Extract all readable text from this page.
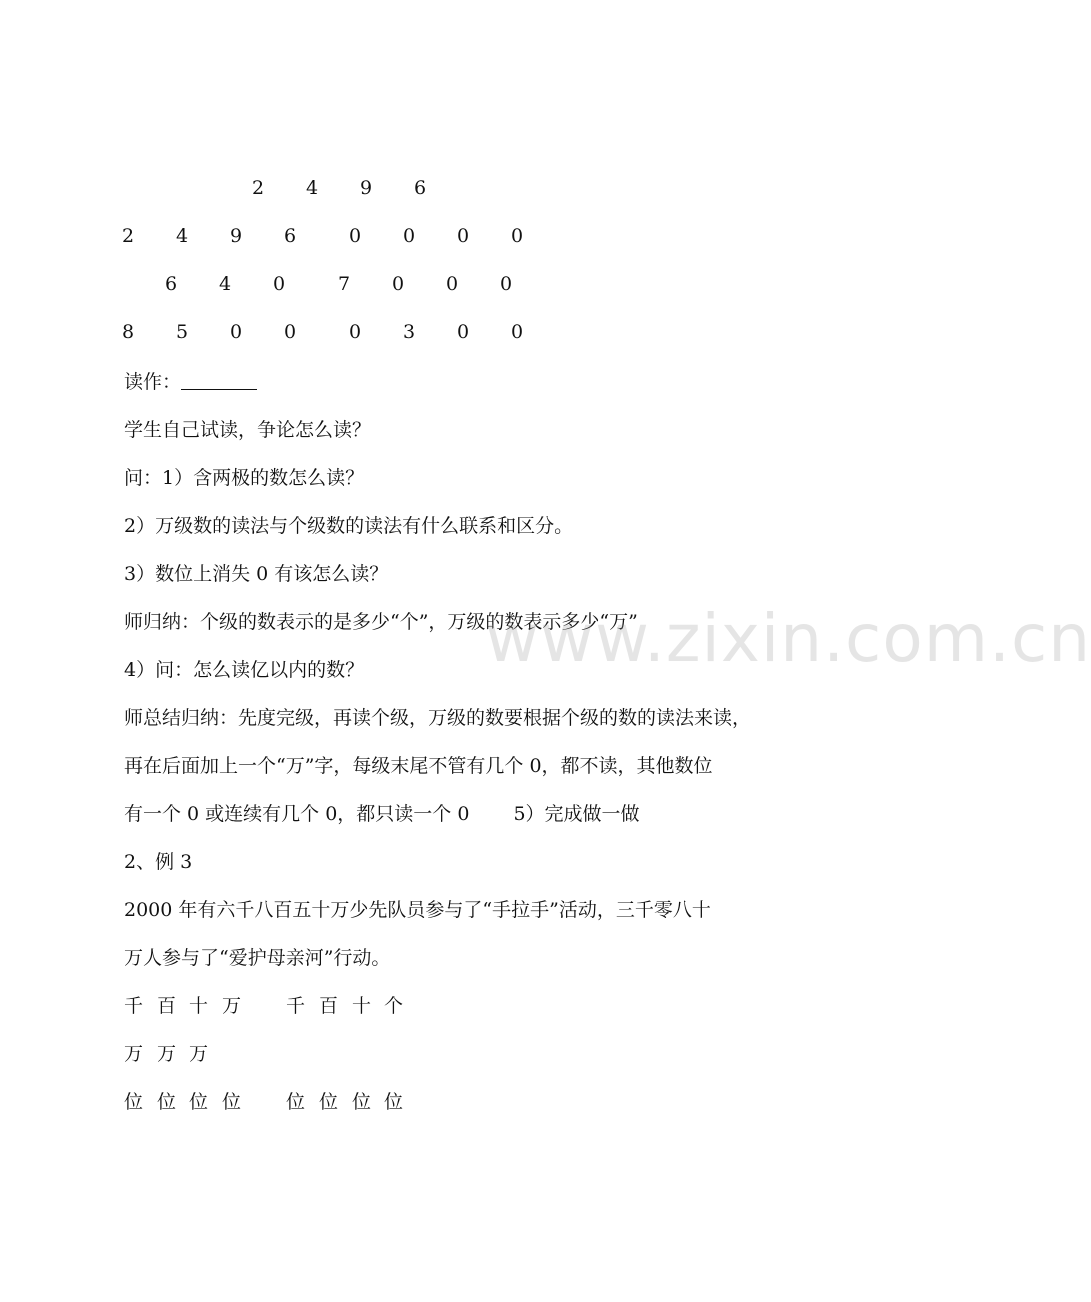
2 4 9 6
2 4 9 6	0 0 0 0
6 4 0	7 0 0 0
8 5 0 0	0 3 0 0
读作：
学生自己试读，争论怎么读？
问：1）含两极的数怎么读？
2）万级数的读法与个级数的读法有什么联系和区分。
3）数位上消失 0 有该怎么读？
师归纳：个级的数表示的是多少“个”，万级的数表示多少“万”
4）问：怎么读亿以内的数？
师总结归纳：先度完级，再读个级，万级的数要根据个级的数的读法来读，
再在后面加上一个“万”字，每级末尾不管有几个 0，都不读，其他数位
有一个 0 或连续有几个 0，都只读一个 0 5）完成做一做
2、例 3
2000 年有六千八百五十万少先队员参与了“手拉手”活动，三千零八十
万人参与了“爱护母亲河”行动。
千 百 十 万 千 百 十 个
万 万 万
位 位 位 位 位 位 位 位
www.zixin.com.cn
